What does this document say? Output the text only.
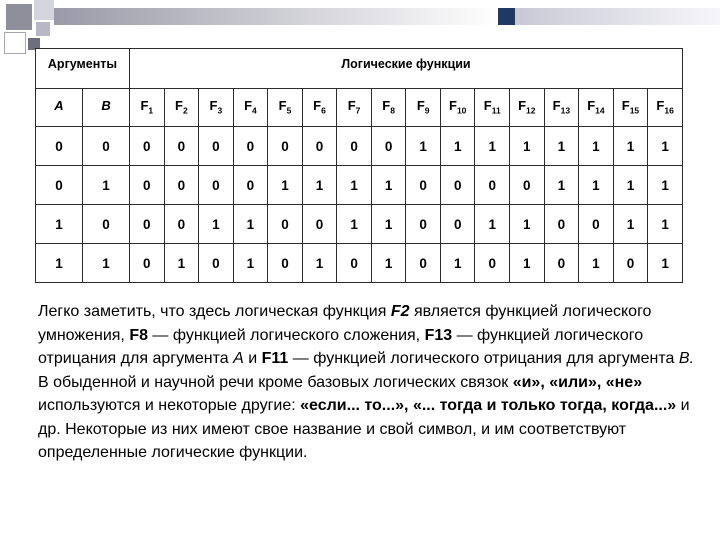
Аргументы		Логические функции															
A	B	$F_1$	$F_2$	$F_3$	$F_4$	$F_5$	$F_6$	$F_7$	$F_8$	$F_9$	$F_{10}$	$F_{11}$	$F_{12}$	$F_{13}$	$F_{14}$	$F_{15}$	$F_{16}$
0	0	0	0	0	0	0	0	0	0	1	1	1	1	1	1	1	1
0	1	0	0	0	0	1	1	1	1	0	0	0	0	1	1	1	1
1	0	0	0	1	1	0	0	1	1	0	0	1	1	0	0	1	1
1	1	0	1	0	1	0	1	0	1	0	1	0	1	0	1	0	1

Легко заметить, что здесь логическая функция F2 является функцией логического умножения, F8 — функцией логического сложения, F13 — функцией логического отрицания для аргумента А и F11 — функцией логического отрицания для аргумента В.
В обыденной и научной речи кроме базовых логических связок «и», «или», «не» используются и некоторые другие: «если... то...», «... тогда и только тогда, когда...» и др. Некоторые из них имеют свое название и свой символ, и им соответствуют определенные логические функции.
